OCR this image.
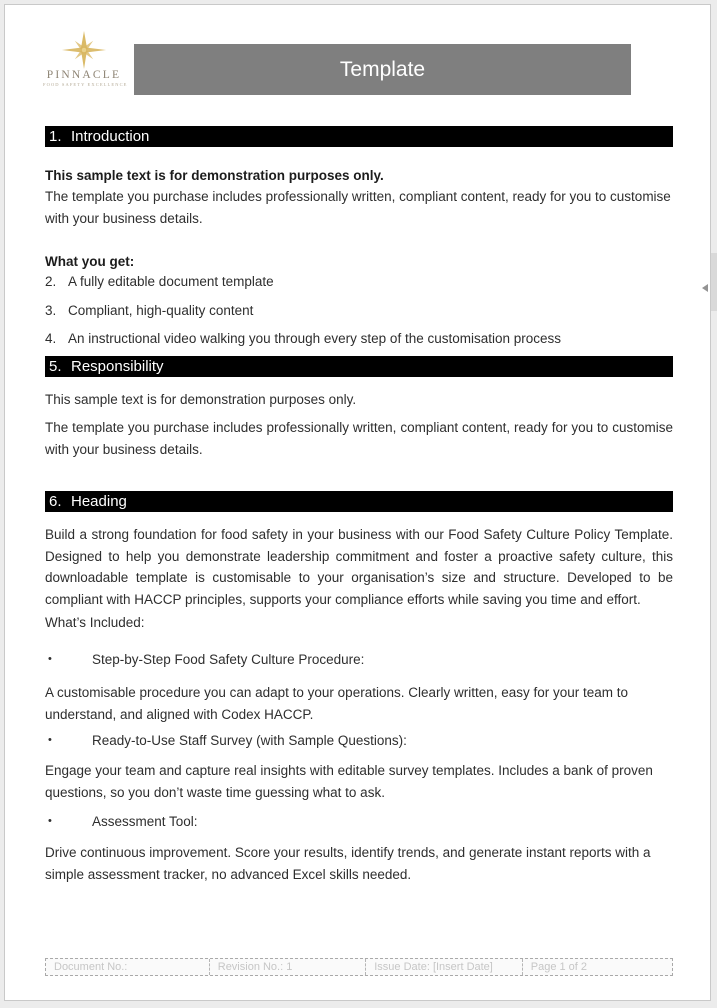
PINNACLE
FOOD SAFETY EXCELLENCE
Template
1. Introduction
This sample text is for demonstration purposes only.
The template you purchase includes professionally written, compliant content, ready for you to customise with your business details.
What you get:
2. A fully editable document template
3. Compliant, high-quality content
4. An instructional video walking you through every step of the customisation process
5. Responsibility
This sample text is for demonstration purposes only.
The template you purchase includes professionally written, compliant content, ready for you to customise with your business details.
6. Heading
Build a strong foundation for food safety in your business with our Food Safety Culture Policy Template. Designed to help you demonstrate leadership commitment and foster a proactive safety culture, this downloadable template is customisable to your organisation’s size and structure. Developed to be compliant with HACCP principles, supports your compliance efforts while saving you time and effort.
What’s Included:
•	Step-by-Step Food Safety Culture Procedure:
A customisable procedure you can adapt to your operations. Clearly written, easy for your team to understand, and aligned with Codex HACCP.
•	Ready-to-Use Staff Survey (with Sample Questions):
Engage your team and capture real insights with editable survey templates. Includes a bank of proven questions, so you don’t waste time guessing what to ask.
•	Assessment Tool:
Drive continuous improvement. Score your results, identify trends, and generate instant reports with a simple assessment tracker, no advanced Excel skills needed.
Document No.:	Revision No.: 1	Issue Date: [Insert Date]	Page 1 of 2
